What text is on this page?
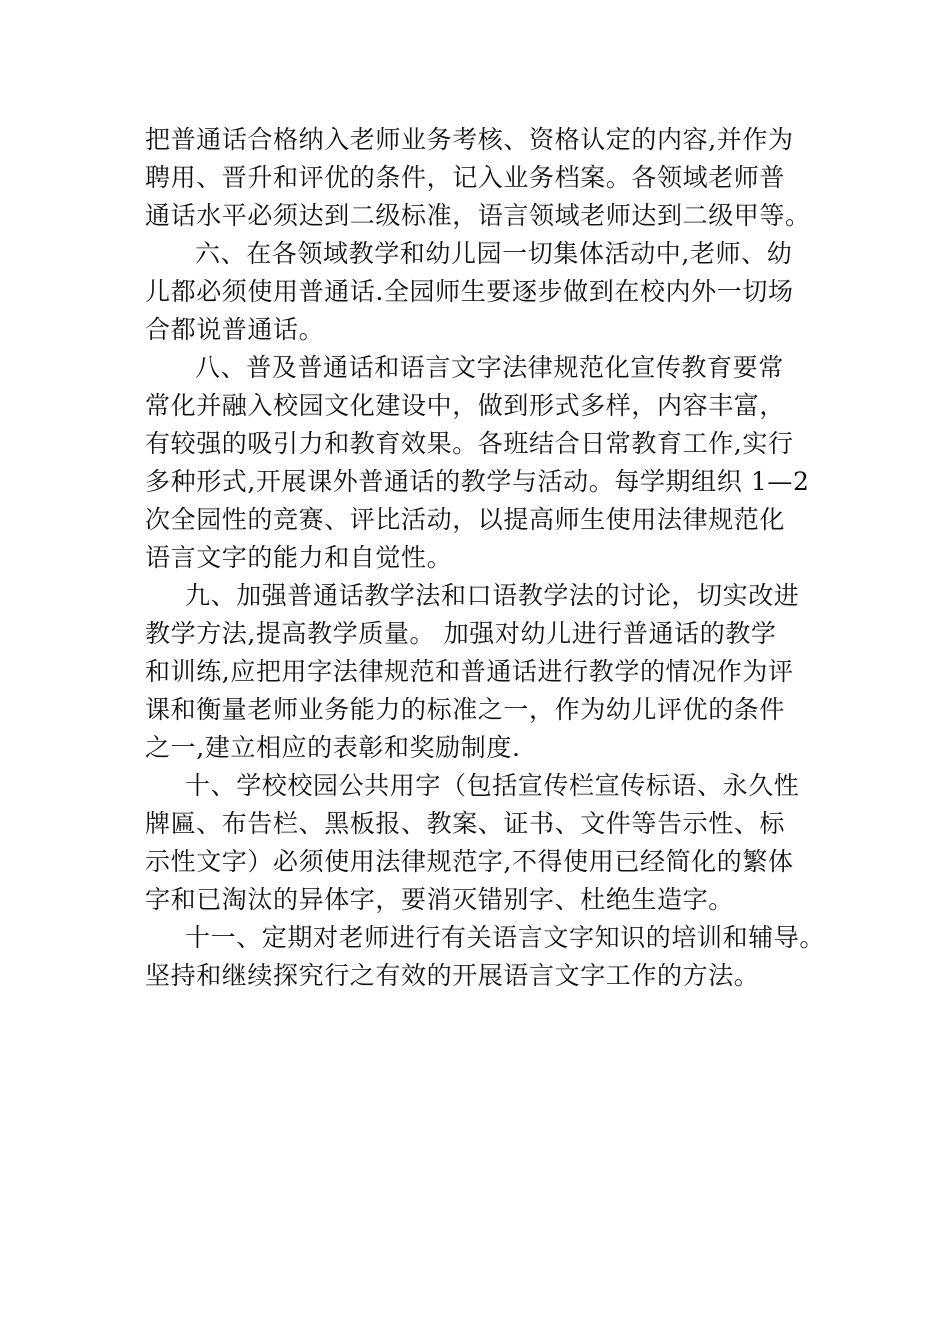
把普通话合格纳入老师业务考核、资格认定的内容,并作为
聘用、晋升和评优的条件，记入业务档案。各领域老师普
通话水平必须达到二级标准，语言领域老师达到二级甲等。
六、在各领域教学和幼儿园一切集体活动中,老师、幼
儿都必须使用普通话.全园师生要逐步做到在校内外一切场
合都说普通话。
八、普及普通话和语言文字法律规范化宣传教育要常
常化并融入校园文化建设中，做到形式多样，内容丰富，
有较强的吸引力和教育效果。各班结合日常教育工作,实行
多种形式,开展课外普通话的教学与活动。每学期组织 1—2
次全园性的竞赛、评比活动，以提高师生使用法律规范化
语言文字的能力和自觉性。
九、加强普通话教学法和口语教学法的讨论，切实改进
教学方法,提高教学质量。 加强对幼儿进行普通话的教学
和训练,应把用字法律规范和普通话进行教学的情况作为评
课和衡量老师业务能力的标准之一，作为幼儿评优的条件
之一,建立相应的表彰和奖励制度.
十、学校校园公共用字（包括宣传栏宣传标语、永久性
牌匾、布告栏、黑板报、教案、证书、文件等告示性、标
示性文字）必须使用法律规范字,不得使用已经简化的繁体
字和已淘汰的异体字，要消灭错别字、杜绝生造字。
十一、定期对老师进行有关语言文字知识的培训和辅导。
坚持和继续探究行之有效的开展语言文字工作的方法。
